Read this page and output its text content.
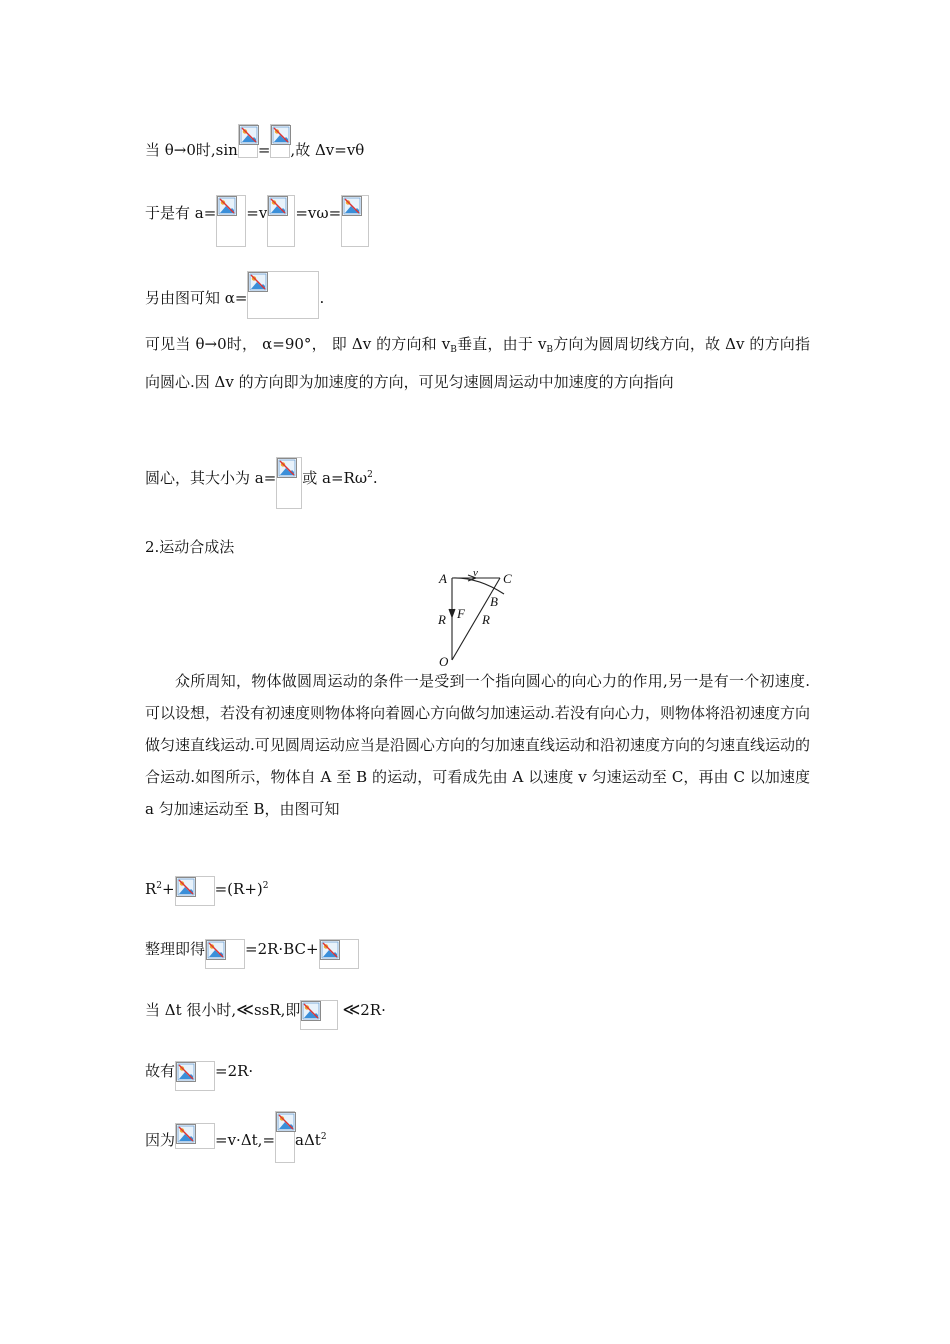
当 θ→0时,sin = ,故 Δv=vθ
于是有 a= =v =vω=
另由图可知 α=	.
可见当 θ→0时， α=90°， 即 Δv 的方向和 $v_B$垂直，由于 $v_B$方向为圆周切线方向，故 Δv 的方向指向圆心.因 Δv 的方向即为加速度的方向，可见匀速圆周运动中加速度的方向指向
圆心，其大小为 a= 或 $a=R\omega^2$.
2.运动合成法
A	C
v
B
R F R
O
众所周知，物体做圆周运动的条件一是受到一个指向圆心的向心力的作用,另一是有一个初速度.可以设想，若没有初速度则物体将向着圆心方向做匀加速运动.若没有向心力，则物体将沿初速度方向做匀速直线运动.可见圆周运动应当是沿圆心方向的匀加速直线运动和沿初速度方向的匀速直线运动的合运动.如图所示，物体自 A 至 B 的运动，可看成先由 A 以速度 v 匀速运动至 C，再由 C 以加速度 a 匀加速运动至 B，由图可知
$R^2+$	$=(R+)^2$
整理即得	=2R·BC+
当 Δt 很小时,≪ssR,即 ≪2R·
故有	=2R·
因为	=v·Δt,= aΔt$^2$
